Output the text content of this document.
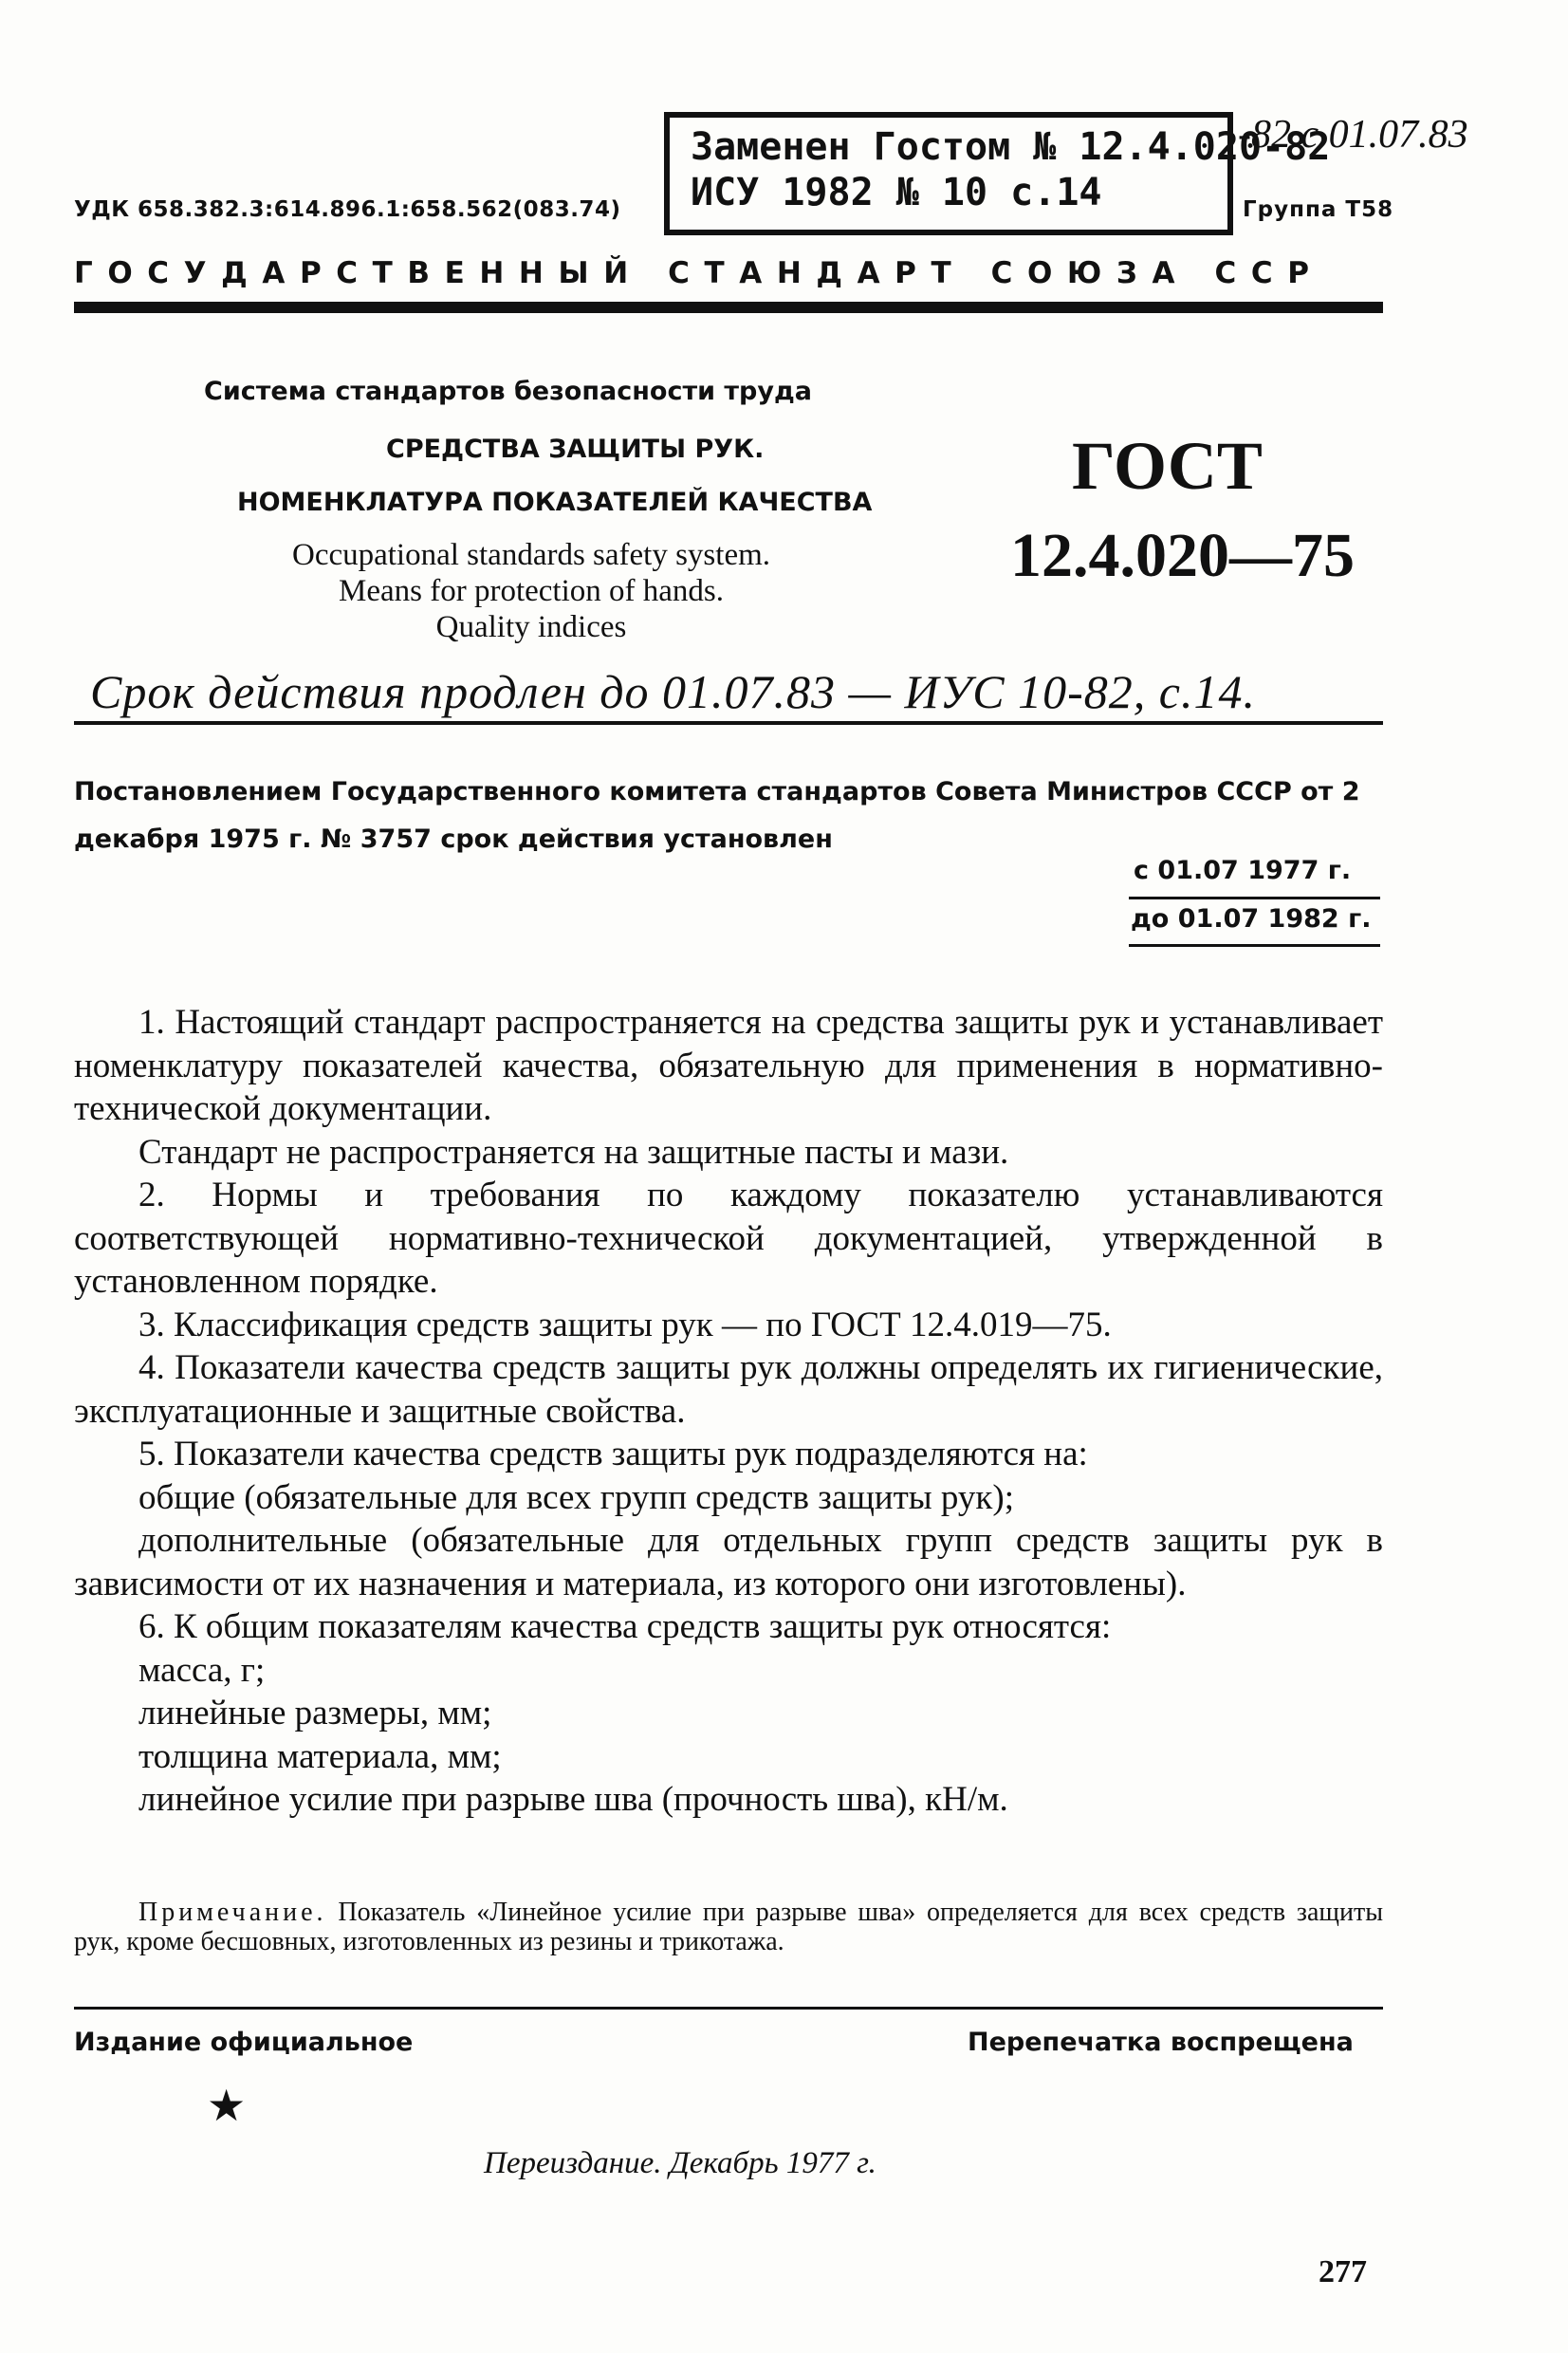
УДК 658.382.3:614.896.1:658.562(083.74)
Заменен Гостом № 12.4.020-82
ИСУ 1982 № 10 с.14
-82 с 01.07.83
Группа Т58
ГОСУДАРСТВЕННЫЙ СТАНДАРТ СОЮЗА ССР
Система стандартов безопасности труда
СРЕДСТВА ЗАЩИТЫ РУК.
НОМЕНКЛАТУРА ПОКАЗАТЕЛЕЙ КАЧЕСТВА
Occupational standards safety system.
Means for protection of hands.
Quality indices
ГОСТ
12.4.020—75
Срок действия продлен до 01.07.83 — ИУС 10-82, с.14.
Постановлением Государственного комитета стандартов Совета Министров СССР от 2 декабря 1975 г. № 3757 срок действия установлен
с 01.07 1977 г.
до 01.07 1982 г.

1. Настоящий стандарт распространяется на средства защиты рук и устанавливает номенклатуру показателей качества, обязательную для применения в нормативно-технической документации.

Стандарт не распространяется на защитные пасты и мази.

2. Нормы и требования по каждому показателю устанавливаются соответствующей нормативно-технической документацией, утвержденной в установленном порядке.

3. Классификация средств защиты рук — по ГОСТ 12.4.019—75.

4. Показатели качества средств защиты рук должны определять их гигиенические, эксплуатационные и защитные свойства.

5. Показатели качества средств защиты рук подразделяются на:

общие (обязательные для всех групп средств защиты рук);

дополнительные (обязательные для отдельных групп средств защиты рук в зависимости от их назначения и материала, из которого они изготовлены).

6. К общим показателям качества средств защиты рук относятся:

масса, г;

линейные размеры, мм;

толщина материала, мм;

линейное усилие при разрыве шва (прочность шва), кН/м.

Примечание. Показатель «Линейное усилие при разрыве шва» определяется для всех средств защиты рук, кроме бесшовных, изготовленных из резины и трикотажа.
Издание официальное	Перепечатка воспрещена
★
Переиздание. Декабрь 1977 г.
277
